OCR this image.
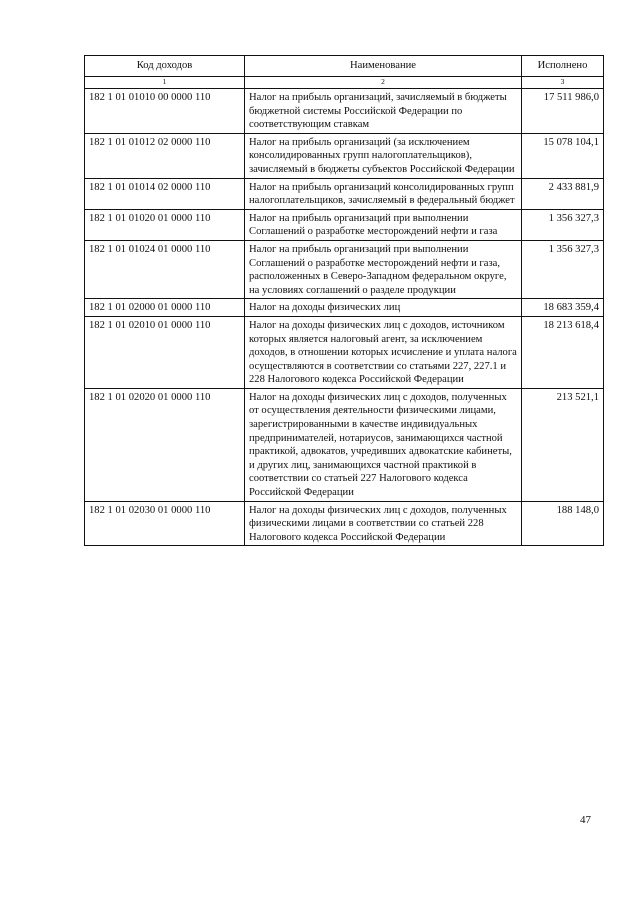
Код доходов	Наименование	Исполнено
1	2	3
182 1 01 01010 00 0000 110	Налог на прибыль организаций, зачисляемый в бюджеты бюджетной системы Российской Федерации по соответствующим ставкам	17 511 986,0
182 1 01 01012 02 0000 110	Налог на прибыль организаций (за исключением консолидированных групп налогоплательщиков), зачисляемый в бюджеты субъектов Российской Федерации	15 078 104,1
182 1 01 01014 02 0000 110	Налог на прибыль организаций консолидированных групп налогоплательщиков, зачисляемый в федеральный бюджет	2 433 881,9
182 1 01 01020 01 0000 110	Налог на прибыль организаций при выполнении Соглашений о разработке месторождений нефти и газа	1 356 327,3
182 1 01 01024 01 0000 110	Налог на прибыль организаций при выполнении Соглашений о разработке месторождений нефти и газа, расположенных в Северо-Западном федеральном округе, на условиях соглашений о разделе продукции	1 356 327,3
182 1 01 02000 01 0000 110	Налог на доходы физических лиц	18 683 359,4
182 1 01 02010 01 0000 110	Налог на доходы физических лиц с доходов, источником которых является налоговый агент, за исключением доходов, в отношении которых исчисление и уплата налога осуществляются в соответствии со статьями 227, 227.1 и 228 Налогового кодекса Российской Федерации	18 213 618,4
182 1 01 02020 01 0000 110	Налог на доходы физических лиц с доходов, полученных от осуществления деятельности физическими лицами, зарегистрированными в качестве индивидуальных предпринимателей, нотариусов, занимающихся частной практикой, адвокатов, учредивших адвокатские кабинеты, и других лиц, занимающихся частной практикой в соответствии со статьей 227 Налогового кодекса Российской Федерации	213 521,1
182 1 01 02030 01 0000 110	Налог на доходы физических лиц с доходов, полученных физическими лицами в соответствии со статьей 228 Налогового кодекса Российской Федерации	188 148,0
47
